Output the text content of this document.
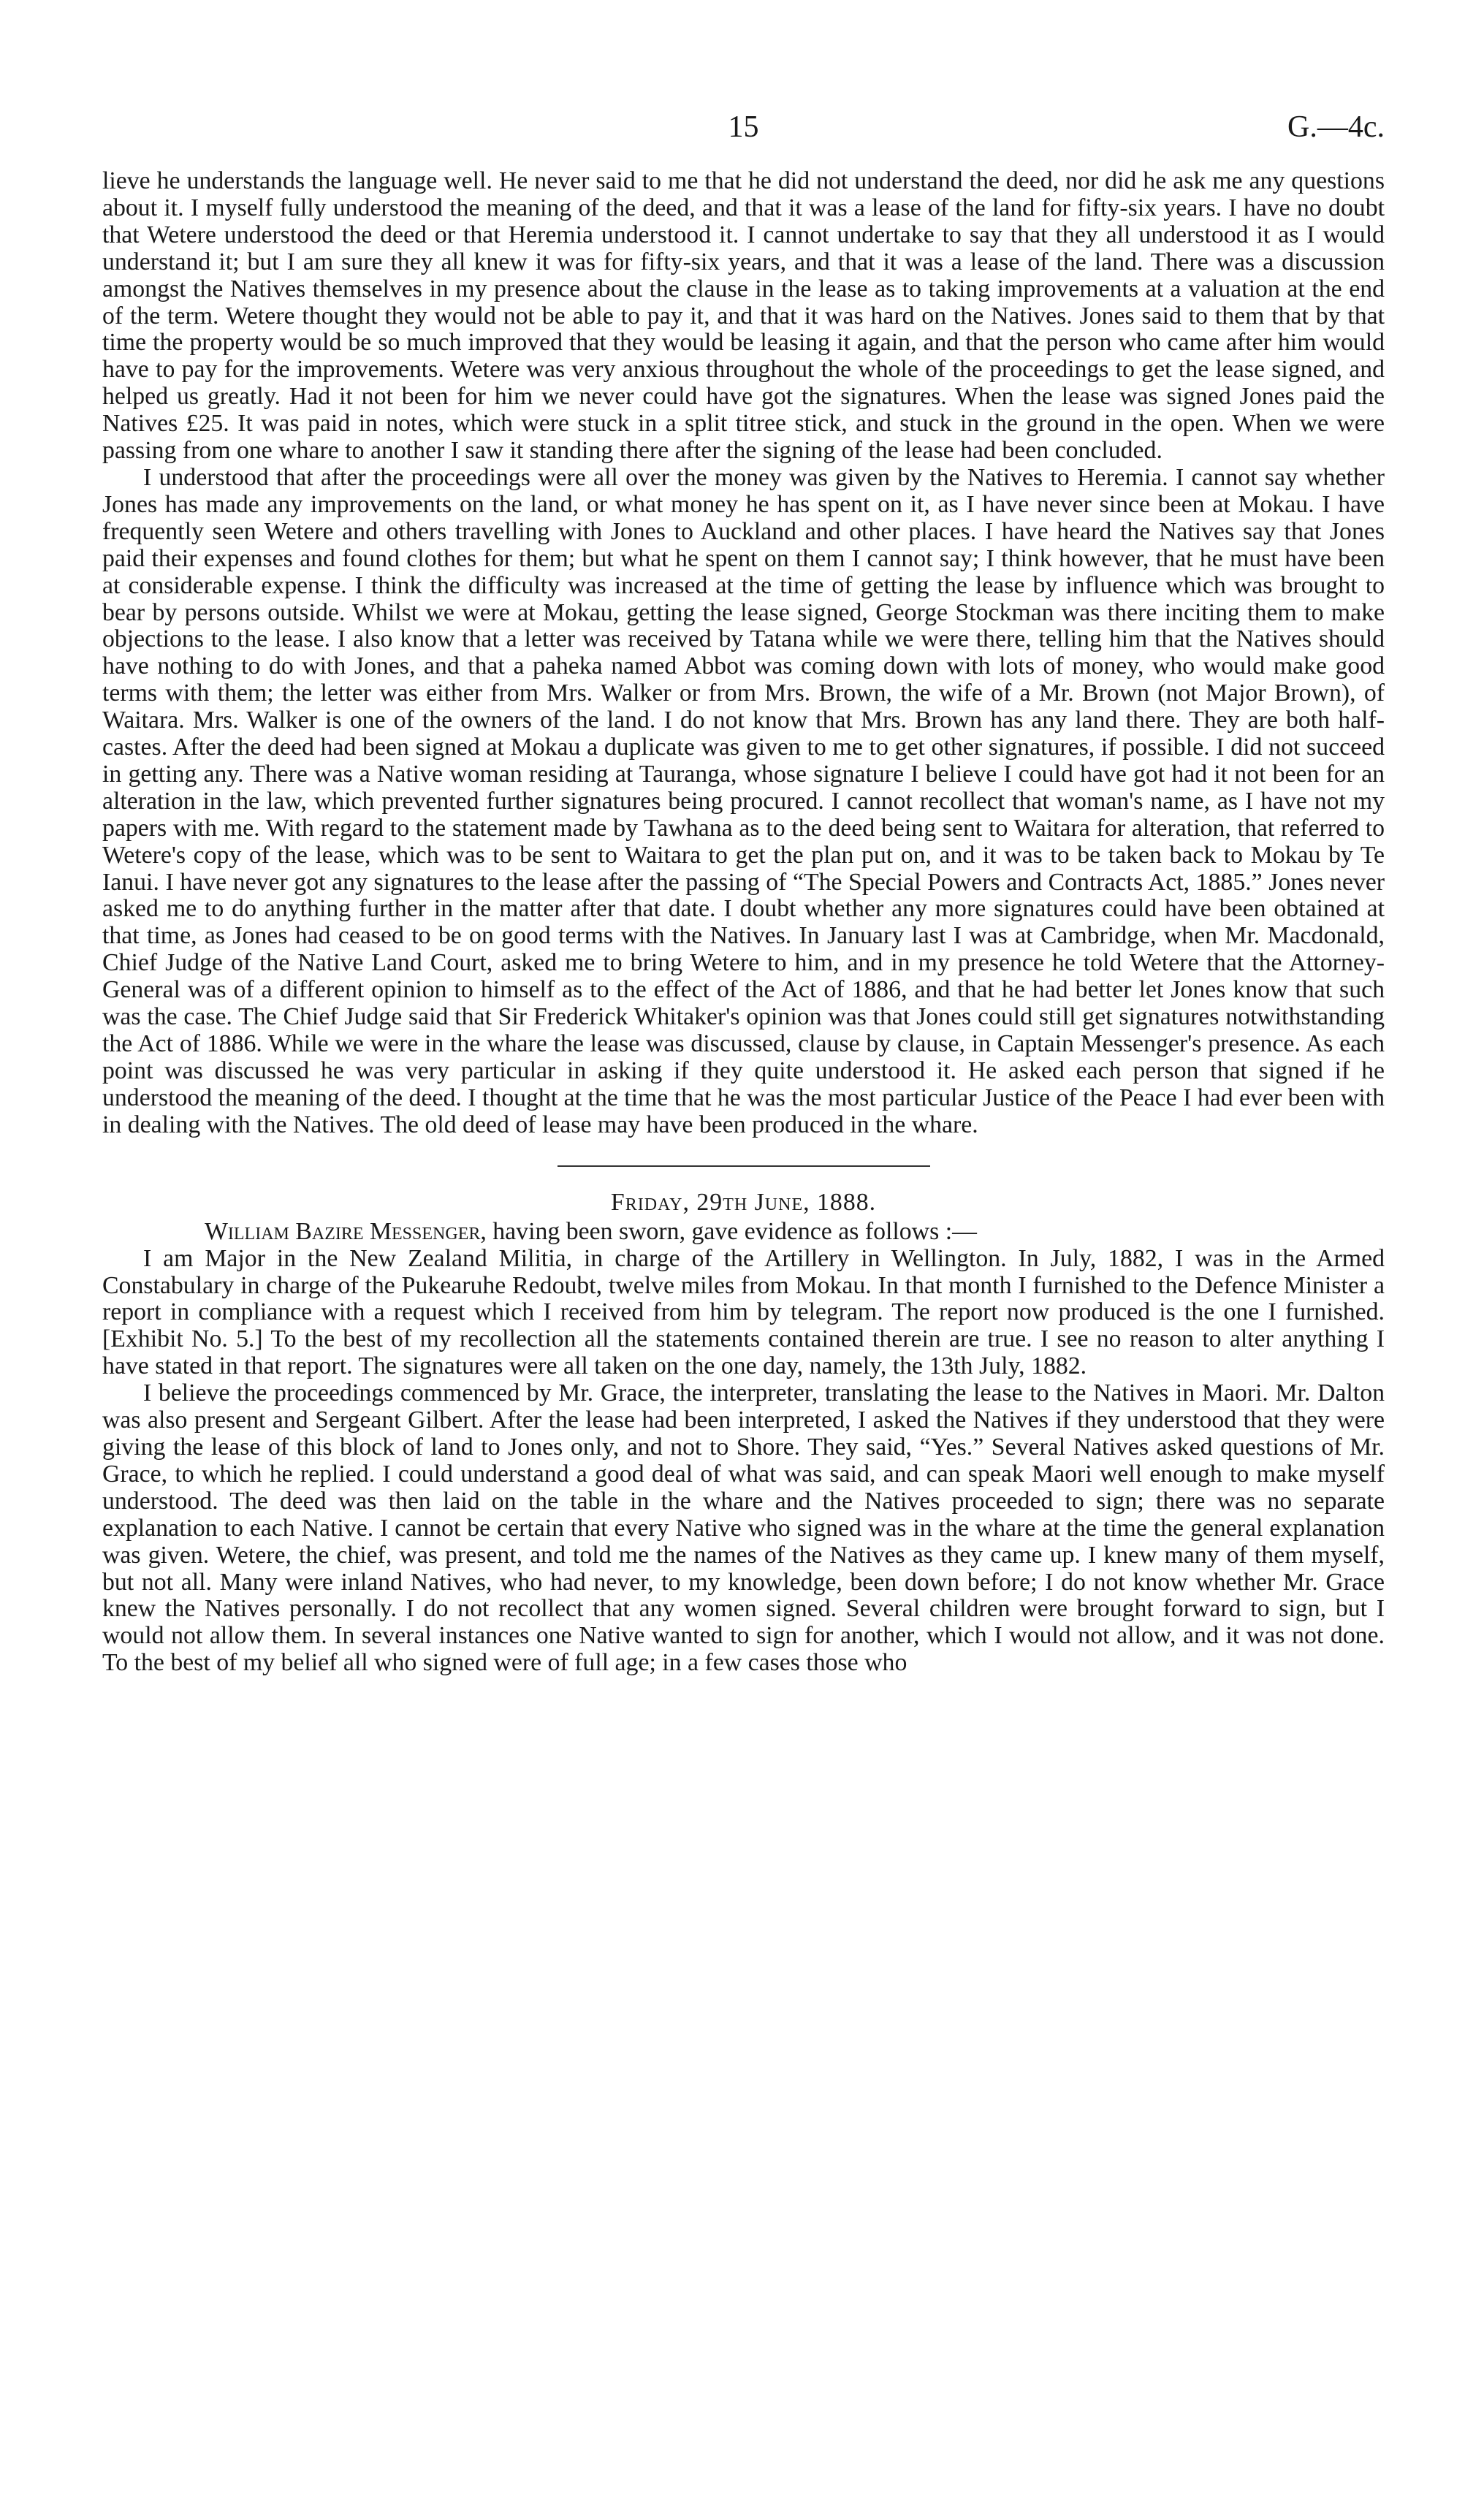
15	G.—4c.

lieve he understands the language well. He never said to me that he did not understand the deed, nor did he ask me any questions about it. I myself fully understood the meaning of the deed, and that it was a lease of the land for fifty-six years. I have no doubt that Wetere understood the deed or that Heremia understood it. I cannot undertake to say that they all understood it as I would understand it; but I am sure they all knew it was for fifty-six years, and that it was a lease of the land. There was a discussion amongst the Natives themselves in my presence about the clause in the lease as to taking improvements at a valuation at the end of the term. Wetere thought they would not be able to pay it, and that it was hard on the Natives. Jones said to them that by that time the property would be so much improved that they would be leasing it again, and that the person who came after him would have to pay for the improvements. Wetere was very anxious throughout the whole of the proceedings to get the lease signed, and helped us greatly. Had it not been for him we never could have got the signatures. When the lease was signed Jones paid the Natives £25. It was paid in notes, which were stuck in a split titree stick, and stuck in the ground in the open. When we were passing from one whare to another I saw it standing there after the signing of the lease had been concluded.

I understood that after the proceedings were all over the money was given by the Natives to Heremia. I cannot say whether Jones has made any improvements on the land, or what money he has spent on it, as I have never since been at Mokau. I have frequently seen Wetere and others travelling with Jones to Auckland and other places. I have heard the Natives say that Jones paid their expenses and found clothes for them; but what he spent on them I cannot say; I think however, that he must have been at considerable expense. I think the difficulty was increased at the time of getting the lease by influence which was brought to bear by persons outside. Whilst we were at Mokau, getting the lease signed, George Stockman was there inciting them to make objections to the lease. I also know that a letter was received by Tatana while we were there, telling him that the Natives should have nothing to do with Jones, and that a paheka named Abbot was coming down with lots of money, who would make good terms with them; the letter was either from Mrs. Walker or from Mrs. Brown, the wife of a Mr. Brown (not Major Brown), of Waitara. Mrs. Walker is one of the owners of the land. I do not know that Mrs. Brown has any land there. They are both half-castes. After the deed had been signed at Mokau a duplicate was given to me to get other signatures, if possible. I did not succeed in getting any. There was a Native woman residing at Tauranga, whose signature I believe I could have got had it not been for an alteration in the law, which prevented further signatures being procured. I cannot recollect that woman's name, as I have not my papers with me. With regard to the statement made by Tawhana as to the deed being sent to Waitara for alteration, that referred to Wetere's copy of the lease, which was to be sent to Waitara to get the plan put on, and it was to be taken back to Mokau by Te Ianui. I have never got any signatures to the lease after the passing of “The Special Powers and Contracts Act, 1885.” Jones never asked me to do anything further in the matter after that date. I doubt whether any more signatures could have been obtained at that time, as Jones had ceased to be on good terms with the Natives. In January last I was at Cambridge, when Mr. Macdonald, Chief Judge of the Native Land Court, asked me to bring Wetere to him, and in my presence he told Wetere that the Attorney-General was of a different opinion to himself as to the effect of the Act of 1886, and that he had better let Jones know that such was the case. The Chief Judge said that Sir Frederick Whitaker's opinion was that Jones could still get signatures notwithstanding the Act of 1886. While we were in the whare the lease was discussed, clause by clause, in Captain Messenger's presence. As each point was discussed he was very particular in asking if they quite understood it. He asked each person that signed if he understood the meaning of the deed. I thought at the time that he was the most particular Justice of the Peace I had ever been with in dealing with the Natives. The old deed of lease may have been produced in the whare.

Friday, 29th June, 1888.
William Bazire Messenger, having been sworn, gave evidence as follows :—

I am Major in the New Zealand Militia, in charge of the Artillery in Wellington. In July, 1882, I was in the Armed Constabulary in charge of the Pukearuhe Redoubt, twelve miles from Mokau. In that month I furnished to the Defence Minister a report in compliance with a request which I received from him by telegram. The report now produced is the one I furnished. [Exhibit No. 5.] To the best of my recollection all the statements contained therein are true. I see no reason to alter anything I have stated in that report. The signatures were all taken on the one day, namely, the 13th July, 1882.

I believe the proceedings commenced by Mr. Grace, the interpreter, translating the lease to the Natives in Maori. Mr. Dalton was also present and Sergeant Gilbert. After the lease had been interpreted, I asked the Natives if they understood that they were giving the lease of this block of land to Jones only, and not to Shore. They said, “Yes.” Several Natives asked questions of Mr. Grace, to which he replied. I could understand a good deal of what was said, and can speak Maori well enough to make myself understood. The deed was then laid on the table in the whare and the Natives proceeded to sign; there was no separate explanation to each Native. I cannot be certain that every Native who signed was in the whare at the time the general explanation was given. Wetere, the chief, was present, and told me the names of the Natives as they came up. I knew many of them myself, but not all. Many were inland Natives, who had never, to my knowledge, been down before; I do not know whether Mr. Grace knew the Natives personally. I do not recollect that any women signed. Several children were brought forward to sign, but I would not allow them. In several instances one Native wanted to sign for another, which I would not allow, and it was not done. To the best of my belief all who signed were of full age; in a few cases those who
